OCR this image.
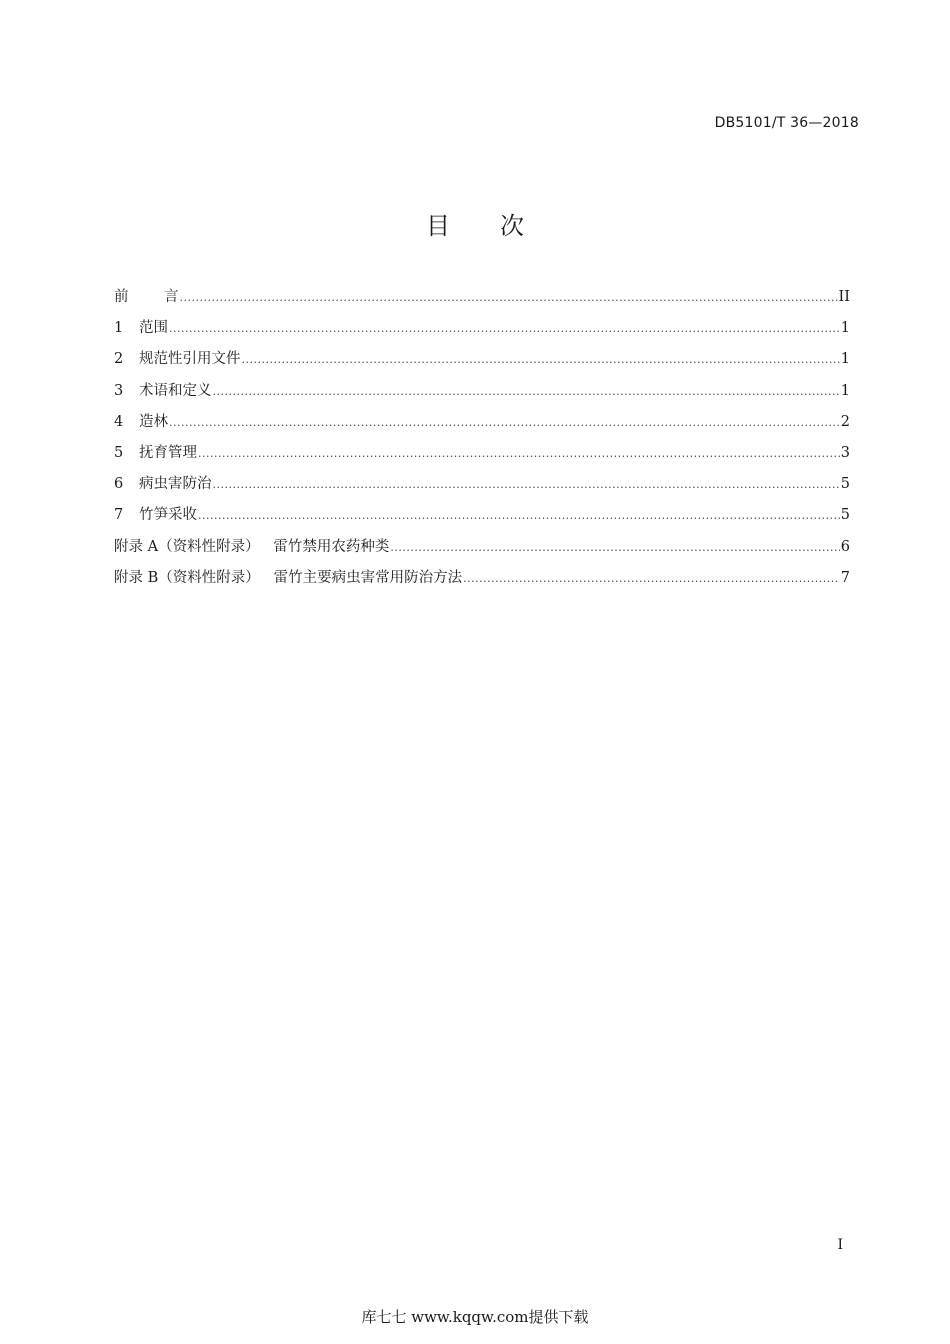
DB5101/T 36—2018
目 次
前	言 .....	II
1	范围 .....	1
2	规范性引用文件 .....	1
3	术语和定义 .....	1
4	造林 .....	2
5	抚育管理 .....	3
6	病虫害防治 .....	5
7	竹笋采收 .....	5
附录 A（资料性附录）   雷竹禁用农药种类 .....	6
附录 B（资料性附录）   雷竹主要病虫害常用防治方法 .....	7
I
库七七 www.kqqw.com提供下载
